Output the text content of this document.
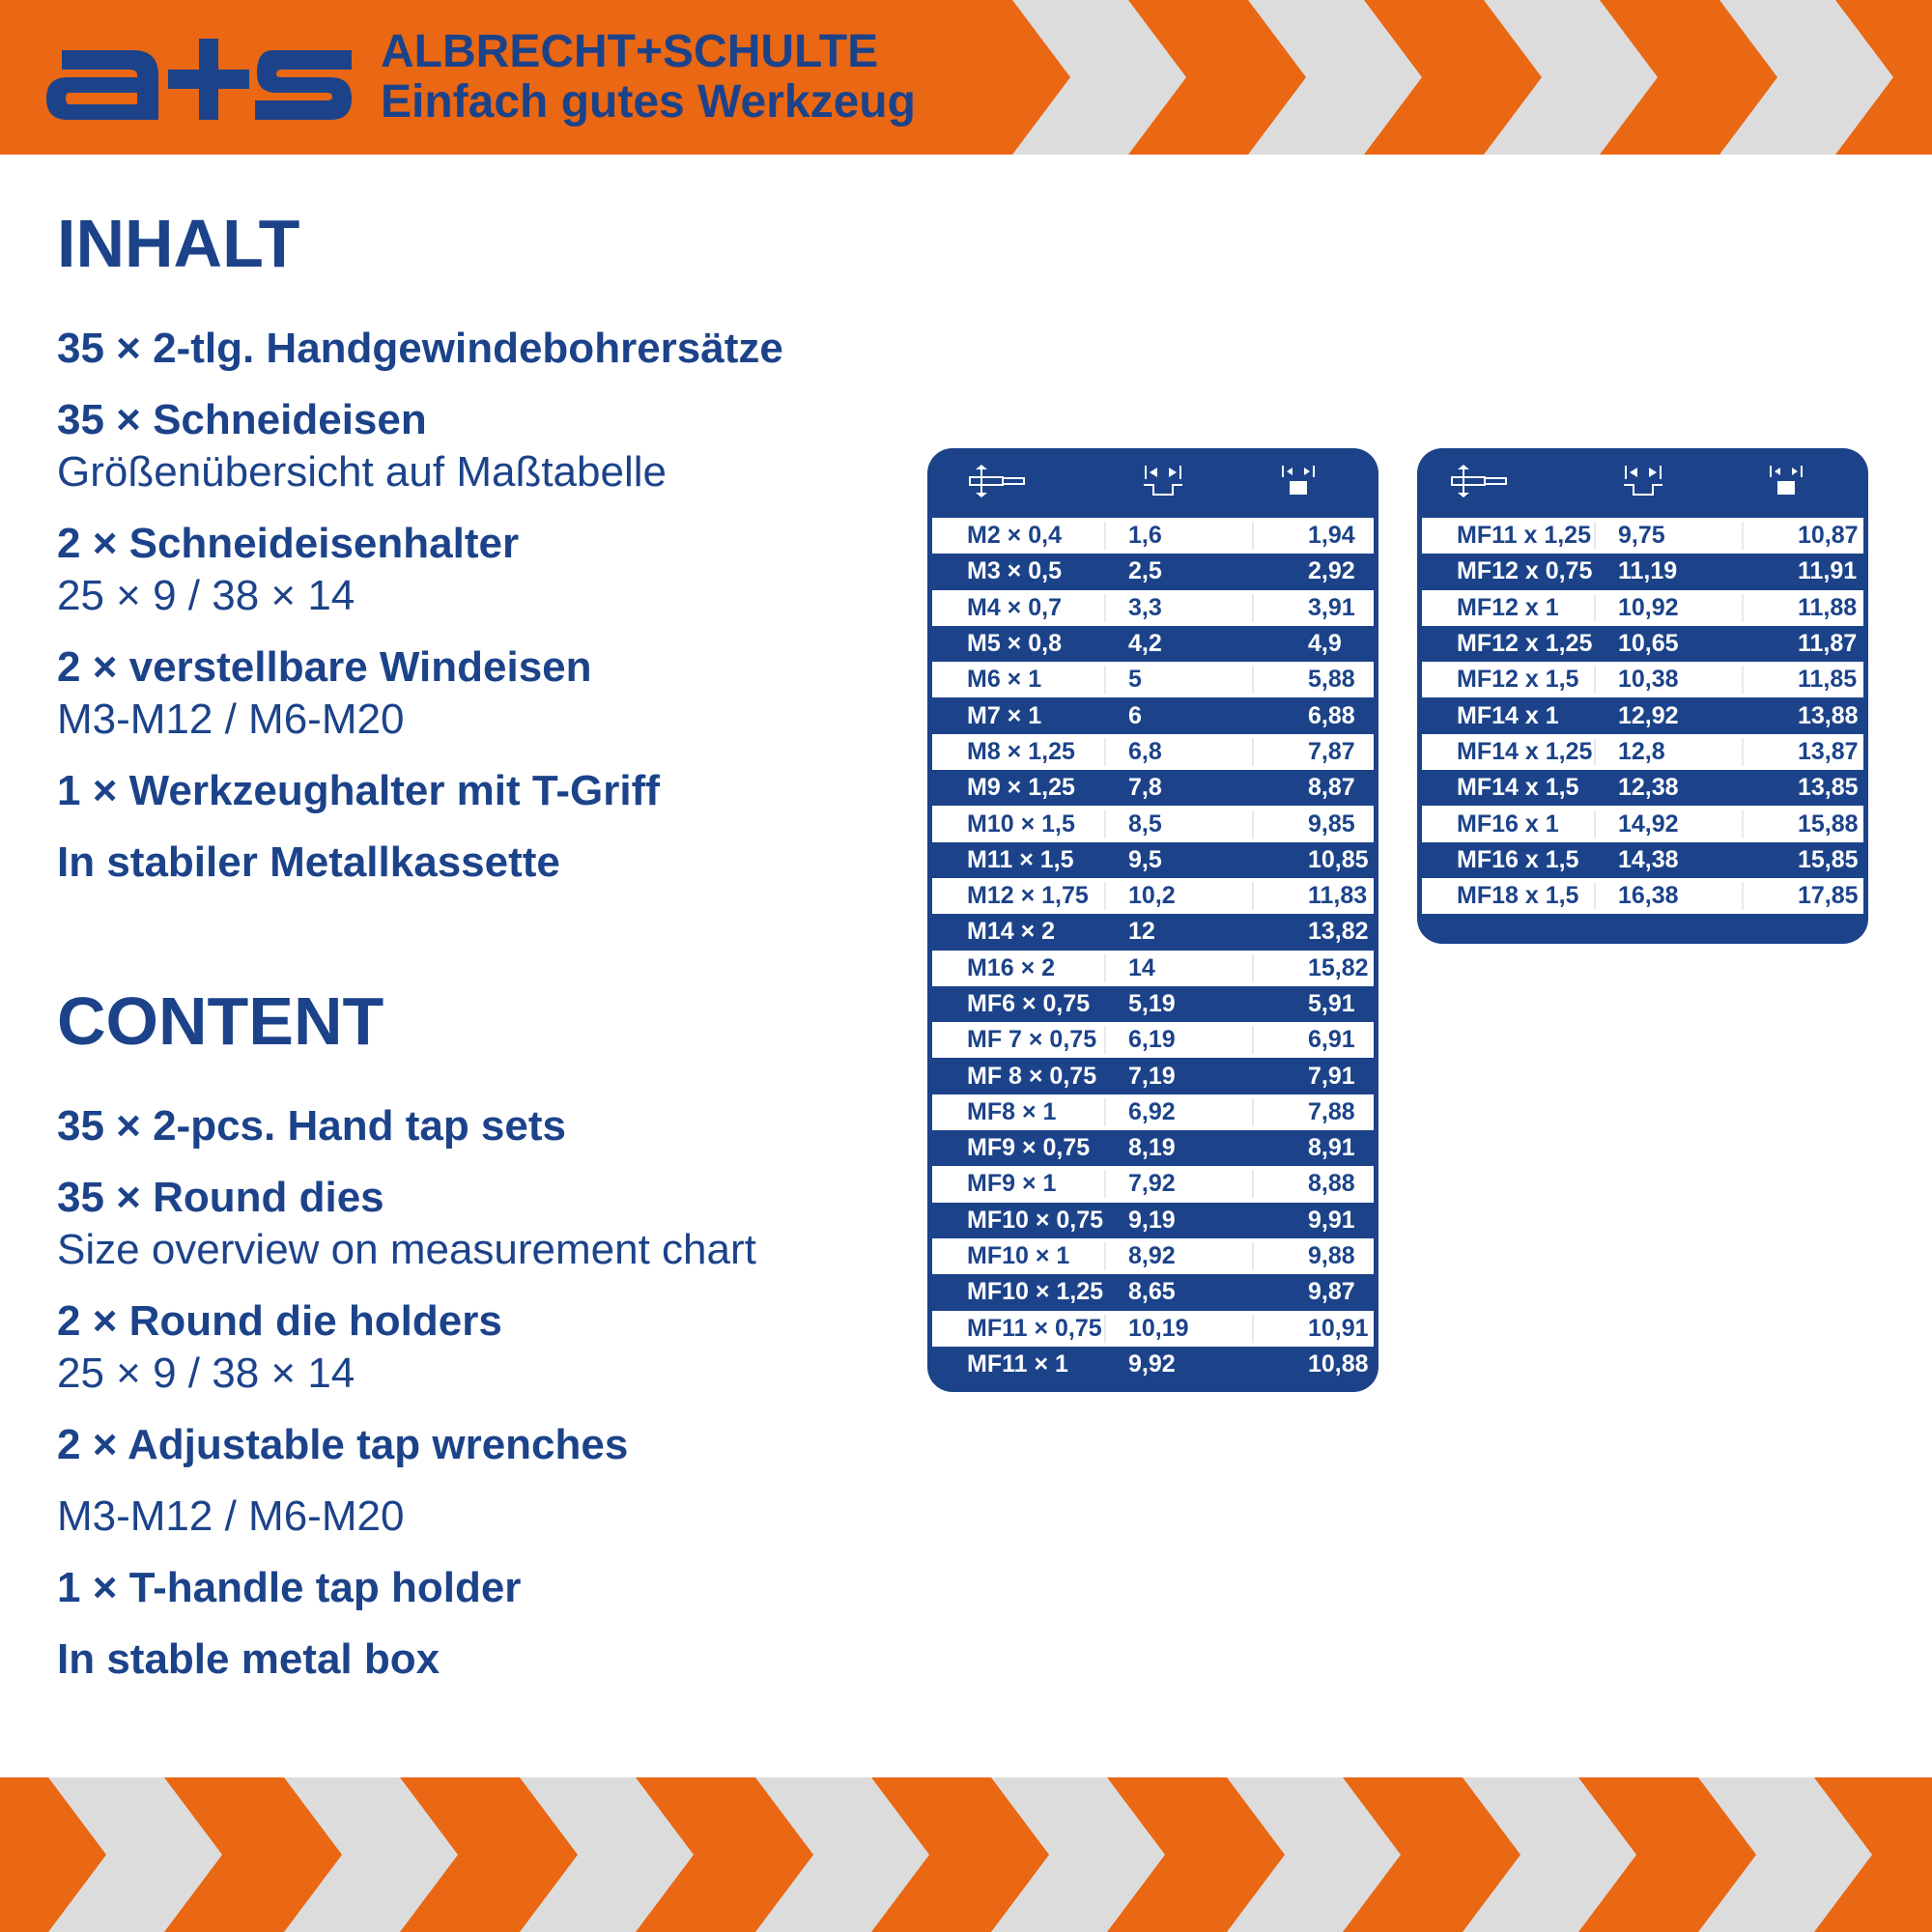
ALBRECHT+SCHULTE
Einfach gutes Werkzeug
INHALT
35 × 2-tlg. Handgewindebohrersätze
35 × Schneideisen
Größenübersicht auf Maßtabelle
2 × Schneideisenhalter
25 × 9 / 38 × 14
2 × verstellbare Windeisen
M3-M12 / M6-M20
1 × Werkzeughalter mit T-Griff
In stabiler Metallkassette
CONTENT
35 × 2-pcs. Hand tap sets
35 × Round dies
Size overview on measurement chart
2 × Round die holders
25 × 9 / 38 × 14
2 × Adjustable tap wrenches
M3-M12 / M6-M20
1 × T-handle tap holder
In stable metal box
M2 × 0,4	1,6	1,94
M3 × 0,5	2,5	2,92
M4 × 0,7	3,3	3,91
M5 × 0,8	4,2	4,9
M6 × 1	5	5,88
M7 × 1	6	6,88
M8 × 1,25	6,8	7,87
M9 × 1,25	7,8	8,87
M10 × 1,5	8,5	9,85
M11 × 1,5	9,5	10,85
M12 × 1,75	10,2	11,83
M14 × 2	12	13,82
M16 × 2	14	15,82
MF6 × 0,75	5,19	5,91
MF 7 × 0,75	6,19	6,91
MF 8 × 0,75	7,19	7,91
MF8 × 1	6,92	7,88
MF9 × 0,75	8,19	8,91
MF9 × 1	7,92	8,88
MF10 × 0,75	9,19	9,91
MF10 × 1	8,92	9,88
MF10 × 1,25	8,65	9,87
MF11 × 0,75	10,19	10,91
MF11 × 1	9,92	10,88
MF11 x 1,25	9,75	10,87
MF12 x 0,75	11,19	11,91
MF12 x 1	10,92	11,88
MF12 x 1,25	10,65	11,87
MF12 x 1,5	10,38	11,85
MF14 x 1	12,92	13,88
MF14 x 1,25	12,8	13,87
MF14 x 1,5	12,38	13,85
MF16 x 1	14,92	15,88
MF16 x 1,5	14,38	15,85
MF18 x 1,5	16,38	17,85
